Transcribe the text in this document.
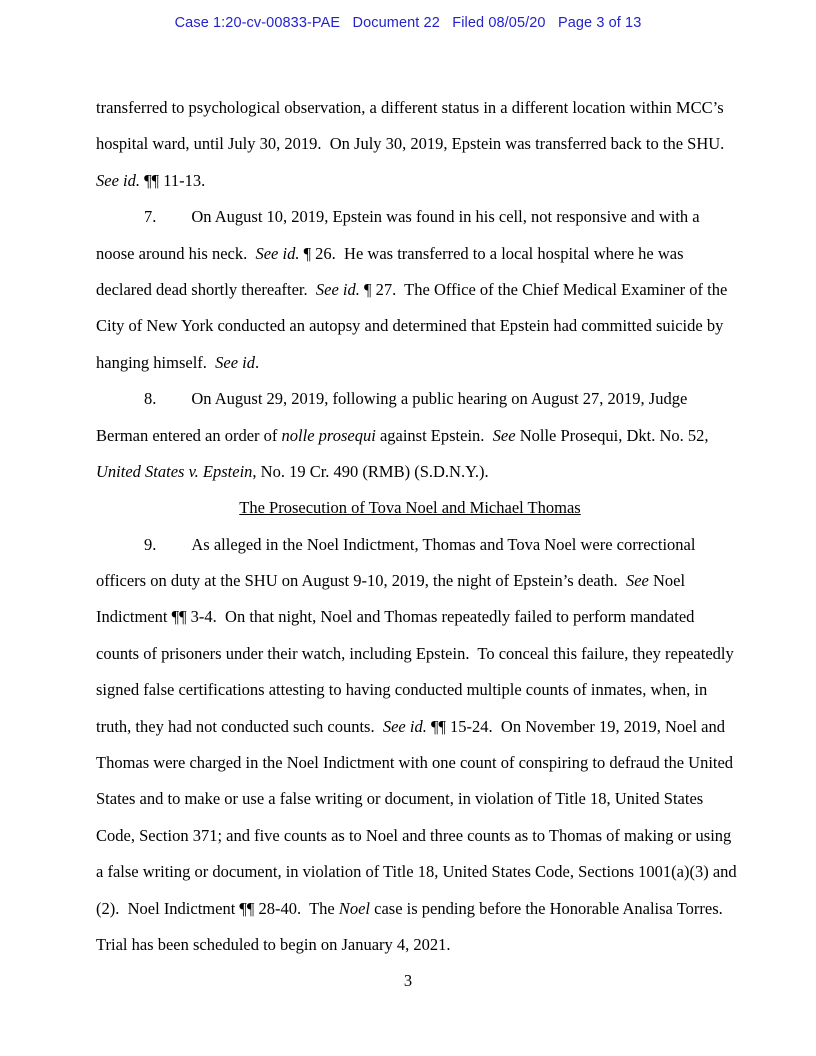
Case 1:20-cv-00833-PAE   Document 22   Filed 08/05/20   Page 3 of 13
transferred to psychological observation, a different status in a different location within MCC’s
hospital ward, until July 30, 2019.  On July 30, 2019, Epstein was transferred back to the SHU.
See id. ¶¶ 11-13.
7. On August 10, 2019, Epstein was found in his cell, not responsive and with a
noose around his neck.  See id. ¶ 26.  He was transferred to a local hospital where he was
declared dead shortly thereafter.  See id. ¶ 27.  The Office of the Chief Medical Examiner of the
City of New York conducted an autopsy and determined that Epstein had committed suicide by
hanging himself.  See id.
8. On August 29, 2019, following a public hearing on August 27, 2019, Judge
Berman entered an order of nolle prosequi against Epstein.  See Nolle Prosequi, Dkt. No. 52,
United States v. Epstein, No. 19 Cr. 490 (RMB) (S.D.N.Y.).
The Prosecution of Tova Noel and Michael Thomas
9. As alleged in the Noel Indictment, Thomas and Tova Noel were correctional
officers on duty at the SHU on August 9-10, 2019, the night of Epstein’s death.  See Noel
Indictment ¶¶ 3-4.  On that night, Noel and Thomas repeatedly failed to perform mandated
counts of prisoners under their watch, including Epstein.  To conceal this failure, they repeatedly
signed false certifications attesting to having conducted multiple counts of inmates, when, in
truth, they had not conducted such counts.  See id. ¶¶ 15-24.  On November 19, 2019, Noel and
Thomas were charged in the Noel Indictment with one count of conspiring to defraud the United
States and to make or use a false writing or document, in violation of Title 18, United States
Code, Section 371; and five counts as to Noel and three counts as to Thomas of making or using
a false writing or document, in violation of Title 18, United States Code, Sections 1001(a)(3) and
(2).  Noel Indictment ¶¶ 28-40.  The Noel case is pending before the Honorable Analisa Torres.
Trial has been scheduled to begin on January 4, 2021.
3
